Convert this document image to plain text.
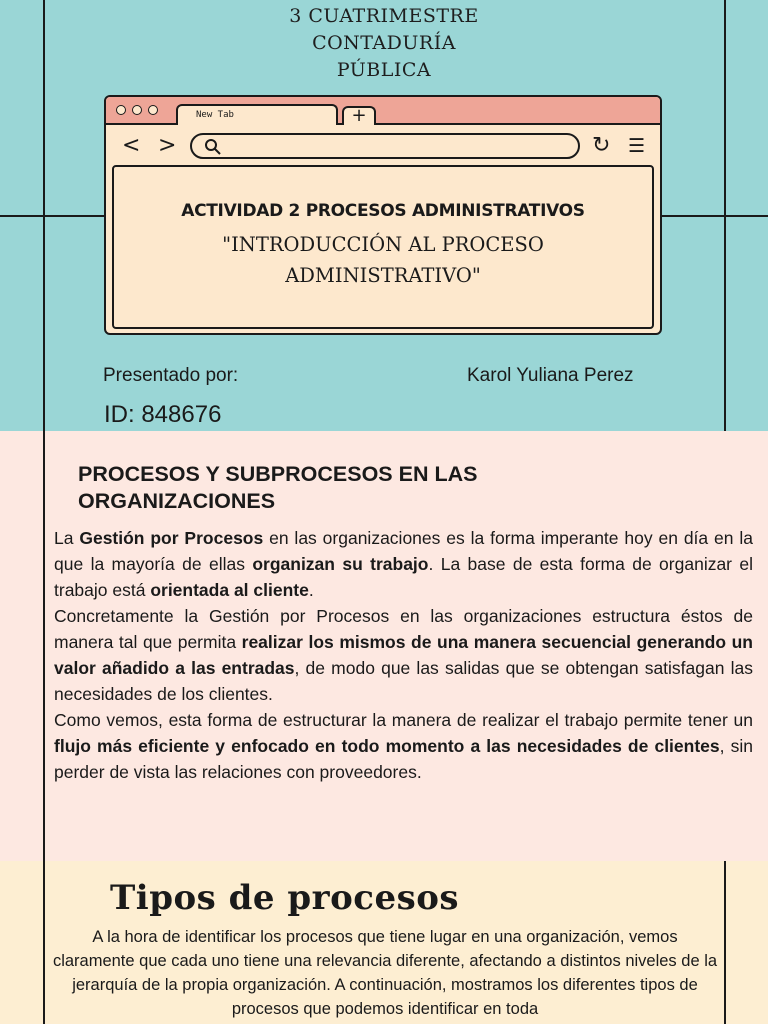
3 CUATRIMESTRE
CONTADURÍA
PÚBLICA
New Tab	+
< >	↻ ☰
ACTIVIDAD 2 PROCESOS ADMINISTRATIVOS
"INTRODUCCIÓN AL PROCESO
ADMINISTRATIVO"
Presentado por:	Karol Yuliana Perez
ID: 848676
PROCESOS Y SUBPROCESOS EN LAS
ORGANIZACIONES
La Gestión por Procesos en las organizaciones es la forma imperante hoy en día en la que la mayoría de ellas organizan su trabajo. La base de esta forma de organizar el trabajo está orientada al cliente.
Concretamente la Gestión por Procesos en las organizaciones estructura éstos de manera tal que permita realizar los mismos de una manera secuencial generando un valor añadido a las entradas, de modo que las salidas que se obtengan satisfagan las necesidades de los clientes.
Como vemos, esta forma de estructurar la manera de realizar el trabajo permite tener un flujo más eficiente y enfocado en todo momento a las necesidades de clientes, sin perder de vista las relaciones con proveedores.
Tipos de procesos
A la hora de identificar los procesos que tiene lugar en una organización, vemos claramente que cada uno tiene una relevancia diferente, afectando a distintos niveles de la jerarquía de la propia organización. A continuación, mostramos los diferentes tipos de procesos que podemos identificar en toda
